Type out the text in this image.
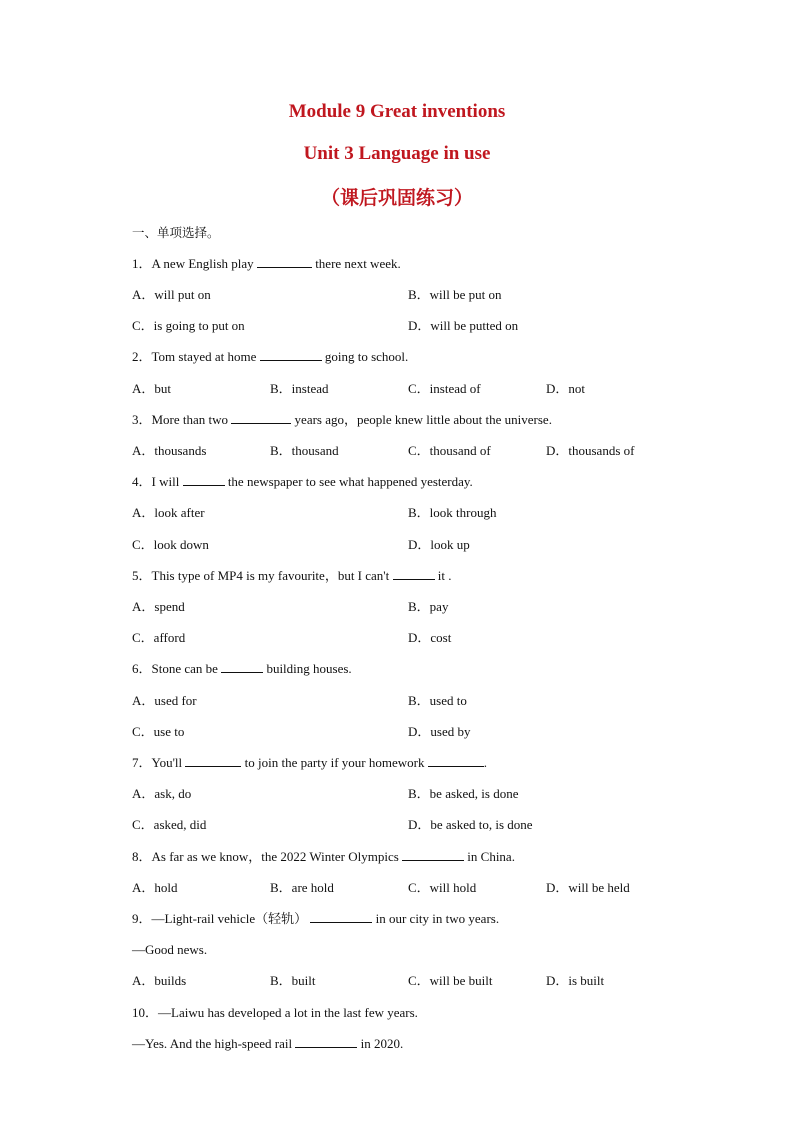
Module 9 Great inventions
Unit 3 Language in use
（课后巩固练习）
一、单项选择。
1．A new English play	there next week.
A．will put on	B．will be put on
C．is going to put on	D．will be putted on
2．Tom stayed at home	going to school.
A．but	B．instead	C．instead of	D．not
3．More than two	years ago，people knew little about the universe.
A．thousands	B．thousand	C．thousand of	D．thousands of
4．I will	the newspaper to see what happened yesterday.
A．look after	B．look through
C．look down	D．look up
5．This type of MP4 is my favourite，but I can't	it .
A．spend	B．pay
C．afford	D．cost
6．Stone can be	building houses.
A．used for	B．used to
C．use to	D．used by
7．You'll	to join the party if your homework	.
A．ask, do	B．be asked, is done
C．asked, did	D．be asked to, is done
8．As far as we know，the 2022 Winter Olympics	in China.
A．hold	B．are hold	C．will hold	D．will be held
9．—Light-rail vehicle（轻轨）	in our city in two years.
—Good news.
A．builds	B．built	C．will be built	D．is built
10．—Laiwu has developed a lot in the last few years.
—Yes. And the high-speed rail	in 2020.
